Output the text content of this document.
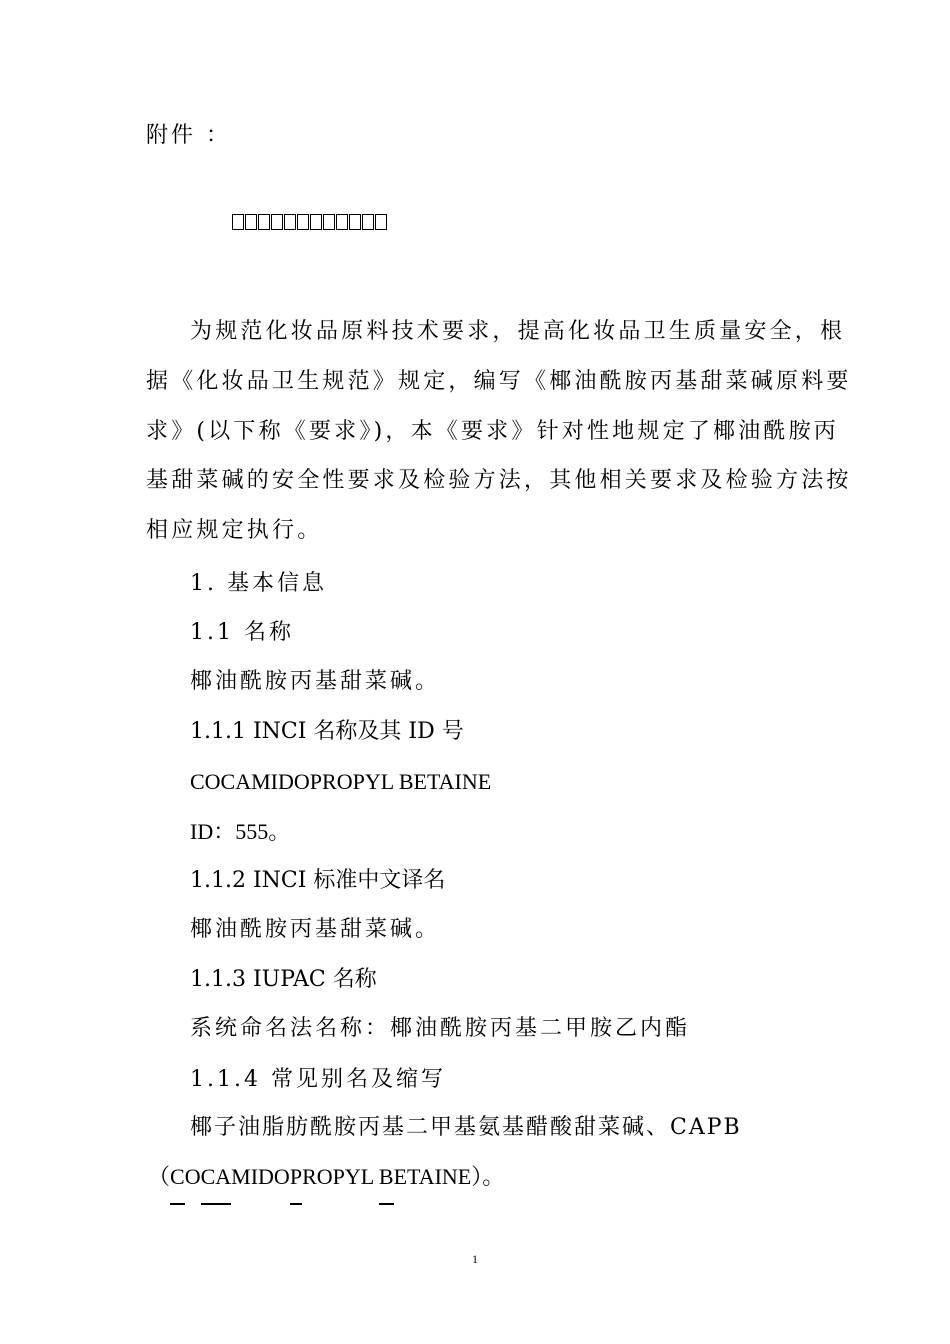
附件 ：
为规范化妆品原料技术要求，提高化妆品卫生质量安全，根
据《化妆品卫生规范》规定，编写《椰油酰胺丙基甜菜碱原料要
求》(以下称《要求》)，本《要求》针对性地规定了椰油酰胺丙
基甜菜碱的安全性要求及检验方法，其他相关要求及检验方法按
相应规定执行。
1. 基本信息
1.1 名称
椰油酰胺丙基甜菜碱。
1.1.1 INCI 名称及其 ID 号
COCAMIDOPROPYL BETAINE
ID：555。
1.1.2 INCI 标准中文译名
椰油酰胺丙基甜菜碱。
1.1.3 IUPAC 名称
系统命名法名称：椰油酰胺丙基二甲胺乙内酯
1.1.4 常见别名及缩写
椰子油脂肪酰胺丙基二甲基氨基醋酸甜菜碱、CAPB
（COCAMIDOPROPYL BETAINE）。
1
